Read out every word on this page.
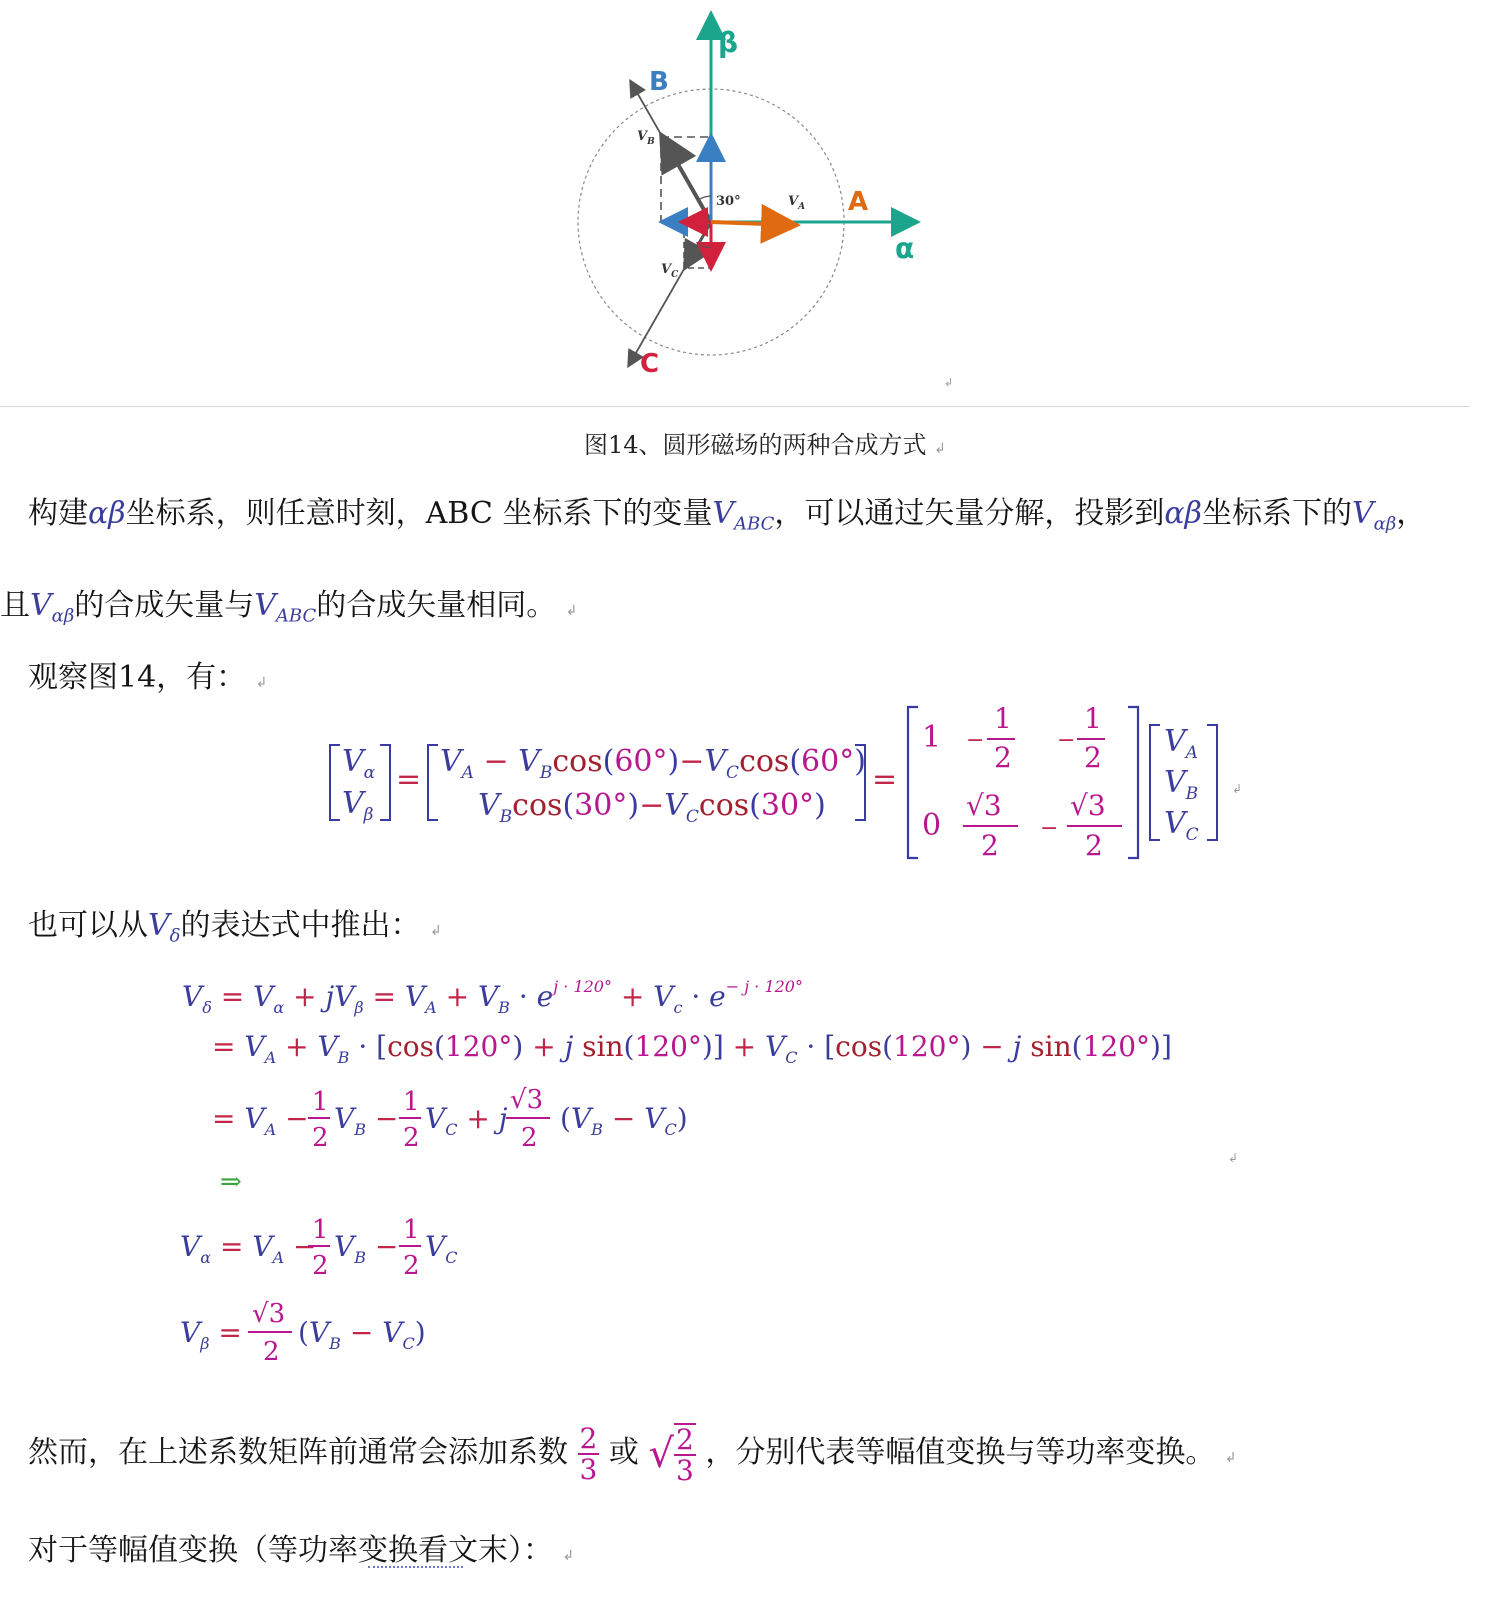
β
α
B
A
C
30°	$V_A$
$V_B$
$V_C$
↲
图14、圆形磁场的两种合成方式 ↲
构建αβ坐标系，则任意时刻，ABC 坐标系下的变量$V_{ABC}$，可以通过矢量分解，投影到αβ坐标系下的$V_{\alpha\beta}$，
且$V_{\alpha\beta}$的合成矢量与$V_{ABC}$的合成矢量相同。 ↲
观察图14，有： ↲
$V_\alpha$
$V_\beta$
=
$V_A - V_B\cos(60^\circ)-V_C\cos(60^\circ)$
$V_B\cos(30^\circ)-V_C\cos(30^\circ)$
=
1 −
1
2
−
1
2
0
√3
2
−
√3
2
$V_A$
$V_B$
$V_C$
↲
也可以从$V_\delta$的表达式中推出： ↲
$V_\delta = V_\alpha + jV_\beta = V_A + V_B \cdot e^{j \cdot 120^\circ} + V_c \cdot e^{- j \cdot 120^\circ}$
= $V_A + V_B \cdot [\cos(120^\circ) + j$ $\sin(120^\circ)] + V_C \cdot [\cos(120^\circ) - j$ sin(120°)]
= $V_A - 1$
2
$V_B - 1$
2
$V_C + j$
√3
2
$(V_B - V_C)$
↲
⇒
$V_\alpha = V_A$ −
1
2
$V_B - 1$
2
$V_C$
$V_\beta$ =
√3
2
$(V_B - V_C)$
然而，在上述系数矩阵前通常会添加系数 $\frac{2}{3}$ 或 √ $\frac{2}{3}$ ，分别代表等幅值变换与等功率变换。 ↲
对于等幅值变换（等功率变换看文末）： ↲
